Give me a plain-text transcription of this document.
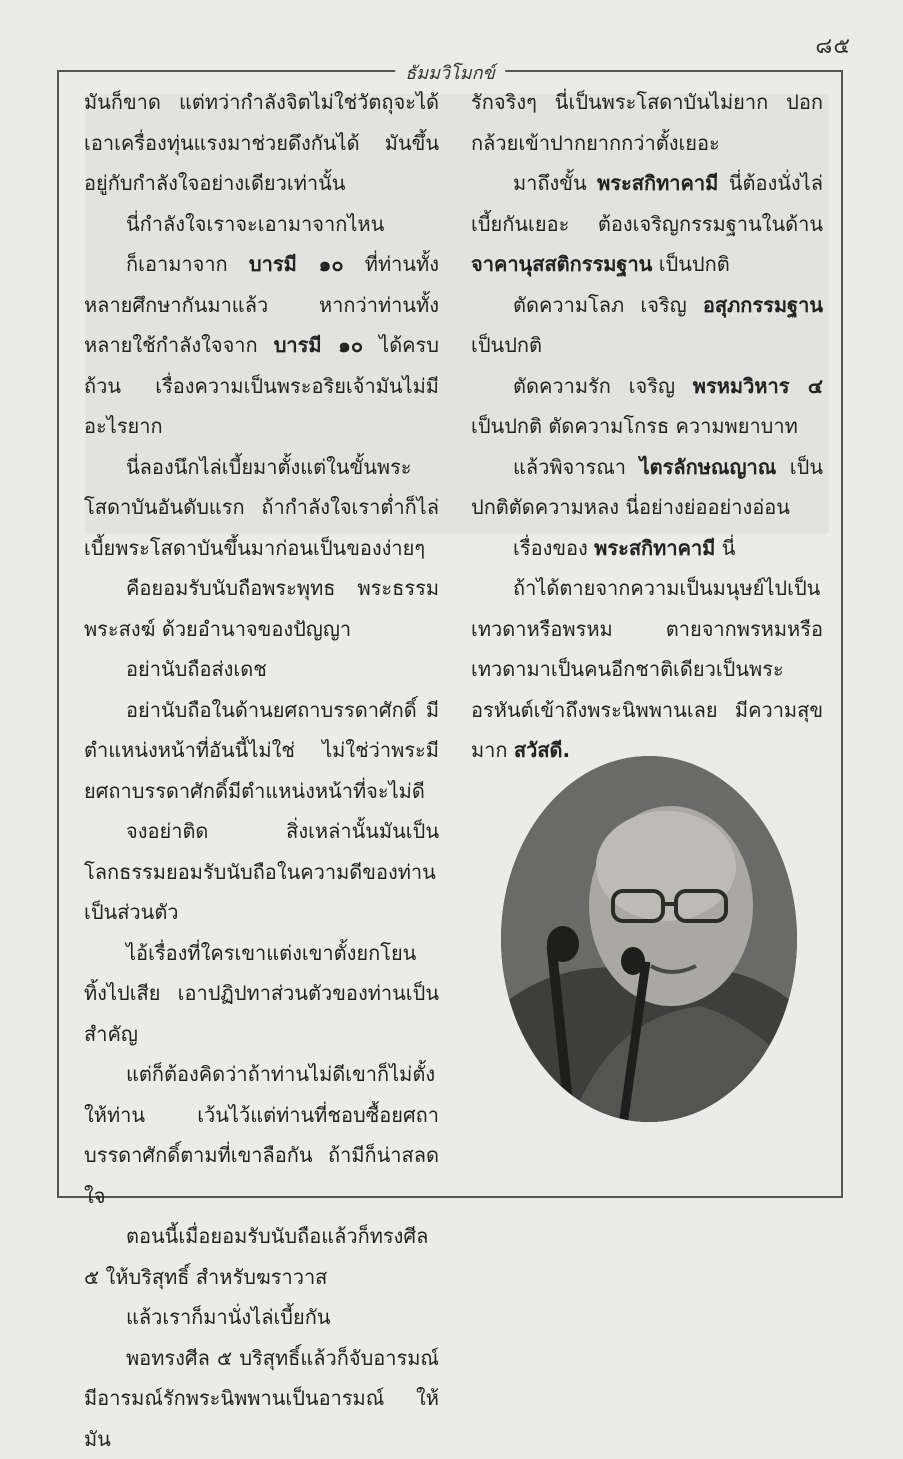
๘๕
ธัมมวิโมกข์

มันก็ขาด แต่ทว่ากำลังจิตไม่ใช่วัตถุจะได้เอาเครื่องทุ่นแรงมาช่วยดึงกันได้ มันขึ้นอยู่กับกำลังใจอย่างเดียวเท่านั้น

นี่กำลังใจเราจะเอามาจากไหน

ก็เอามาจาก บารมี ๑๐ ที่ท่านทั้งหลายศึกษากันมาแล้ว หากว่าท่านทั้งหลายใช้กำลังใจจาก บารมี ๑๐ ได้ครบถ้วน เรื่องความเป็นพระอริยเจ้ามันไม่มีอะไรยาก

นี่ลองนึกไล่เบี้ยมาตั้งแต่ในขั้นพระโสดาบันอันดับแรก ถ้ากำลังใจเราต่ำก็ไล่เบี้ยพระโสดาบันขึ้นมาก่อนเป็นของง่ายๆ

คือยอมรับนับถือพระพุทธ พระธรรม พระสงฆ์ ด้วยอำนาจของปัญญา

อย่านับถือส่งเดช

อย่านับถือในด้านยศถาบรรดาศักดิ์ มีตำแหน่งหน้าที่อันนี้ไม่ใช่ ไม่ใช่ว่าพระมียศถาบรรดาศักดิ์มีตำแหน่งหน้าที่จะไม่ดี

จงอย่าติด สิ่งเหล่านั้นมันเป็นโลกธรรมยอมรับนับถือในความดีของท่านเป็นส่วนตัว

ไอ้เรื่องที่ใครเขาแต่งเขาตั้งยกโยนทิ้งไปเสีย เอาปฏิปทาส่วนตัวของท่านเป็นสำคัญ

แต่ก็ต้องคิดว่าถ้าท่านไม่ดีเขาก็ไม่ตั้งให้ท่าน เว้นไว้แต่ท่านที่ชอบซื้อยศถาบรรดาศักดิ์ตามที่เขาลือกัน ถ้ามีก็น่าสลดใจ

ตอนนี้เมื่อยอมรับนับถือแล้วก็ทรงศีล ๕ ให้บริสุทธิ์ สำหรับฆราวาส

แล้วเราก็มานั่งไล่เบี้ยกัน

พอทรงศีล ๕ บริสุทธิ์แล้วก็จับอารมณ์มีอารมณ์รักพระนิพพานเป็นอารมณ์ ให้มัน

รักจริงๆ นี่เป็นพระโสดาบันไม่ยาก ปอกกล้วยเข้าปากยากกว่าตั้งเยอะ

มาถึงขั้น พระสกิทาคามี นี่ต้องนั่งไล่เบี้ยกันเยอะ ต้องเจริญกรรมฐานในด้านจาคานุสสติกรรมฐาน เป็นปกติ

ตัดความโลภ เจริญ อสุภกรรมฐาน เป็นปกติ

ตัดความรัก เจริญ พรหมวิหาร ๔ เป็นปกติ ตัดความโกรธ ความพยาบาท

แล้วพิจารณา ไตรลักษณญาณ เป็นปกติตัดความหลง นี่อย่างย่ออย่างอ่อน

เรื่องของ พระสกิทาคามี นี่

ถ้าได้ตายจากความเป็นมนุษย์ไปเป็นเทวดาหรือพรหม ตายจากพรหมหรือเทวดามาเป็นคนอีกชาติเดียวเป็นพระอรหันต์เข้าถึงพระนิพพานเลย มีความสุขมาก สวัสดี.
